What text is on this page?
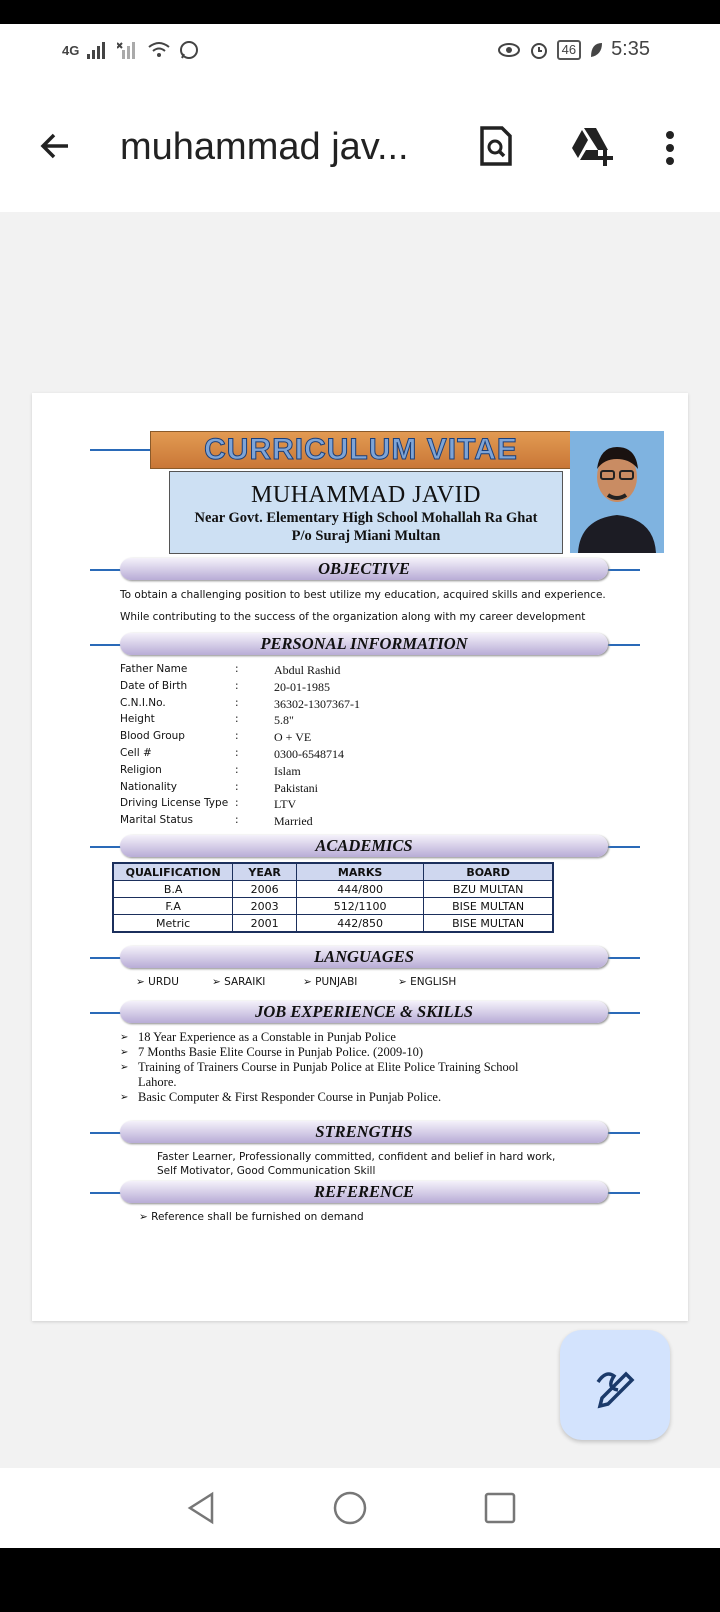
4G	46 5:35
muhammad jav...
CURRICULUM VITAE
MUHAMMAD JAVID
Near Govt. Elementary High School Mohallah Ra Ghat
P/o Suraj Miani Multan
OBJECTIVE
To obtain a challenging position to best utilize my education, acquired skills and experience.
While contributing to the success of the organization along with my career development
PERSONAL INFORMATION
Father Name	:	Abdul Rashid
Date of Birth	:	20-01-1985
C.N.I.No.	:	36302-1307367-1
Height	:	5.8"
Blood Group	:	O + VE
Cell #	:	0300-6548714
Religion	:	Islam
Nationality	:	Pakistani
Driving License Type :	LTV
Marital Status	:	Married
ACADEMICS
QUALIFICATION	YEAR	MARKS	BOARD
B.A	2006	444/800	BZU MULTAN
F.A	2003	512/1100	BISE MULTAN
Metric	2001	442/850	BISE MULTAN
LANGUAGES
➢ URDU	➢ SARAIKI	➢ PUNJABI	➢ ENGLISH
JOB EXPERIENCE & SKILLS
➢ 18 Year Experience as a Constable in Punjab Police
➢ 7 Months Basie Elite Course in Punjab Police. (2009-10)
➢ Training of Trainers Course in Punjab Police at Elite Police Training School Lahore.
➢ Basic Computer & First Responder Course in Punjab Police.
STRENGTHS
Faster Learner, Professionally committed, confident and belief in hard work,
Self Motivator, Good Communication Skill
REFERENCE
➢ Reference shall be furnished on demand
